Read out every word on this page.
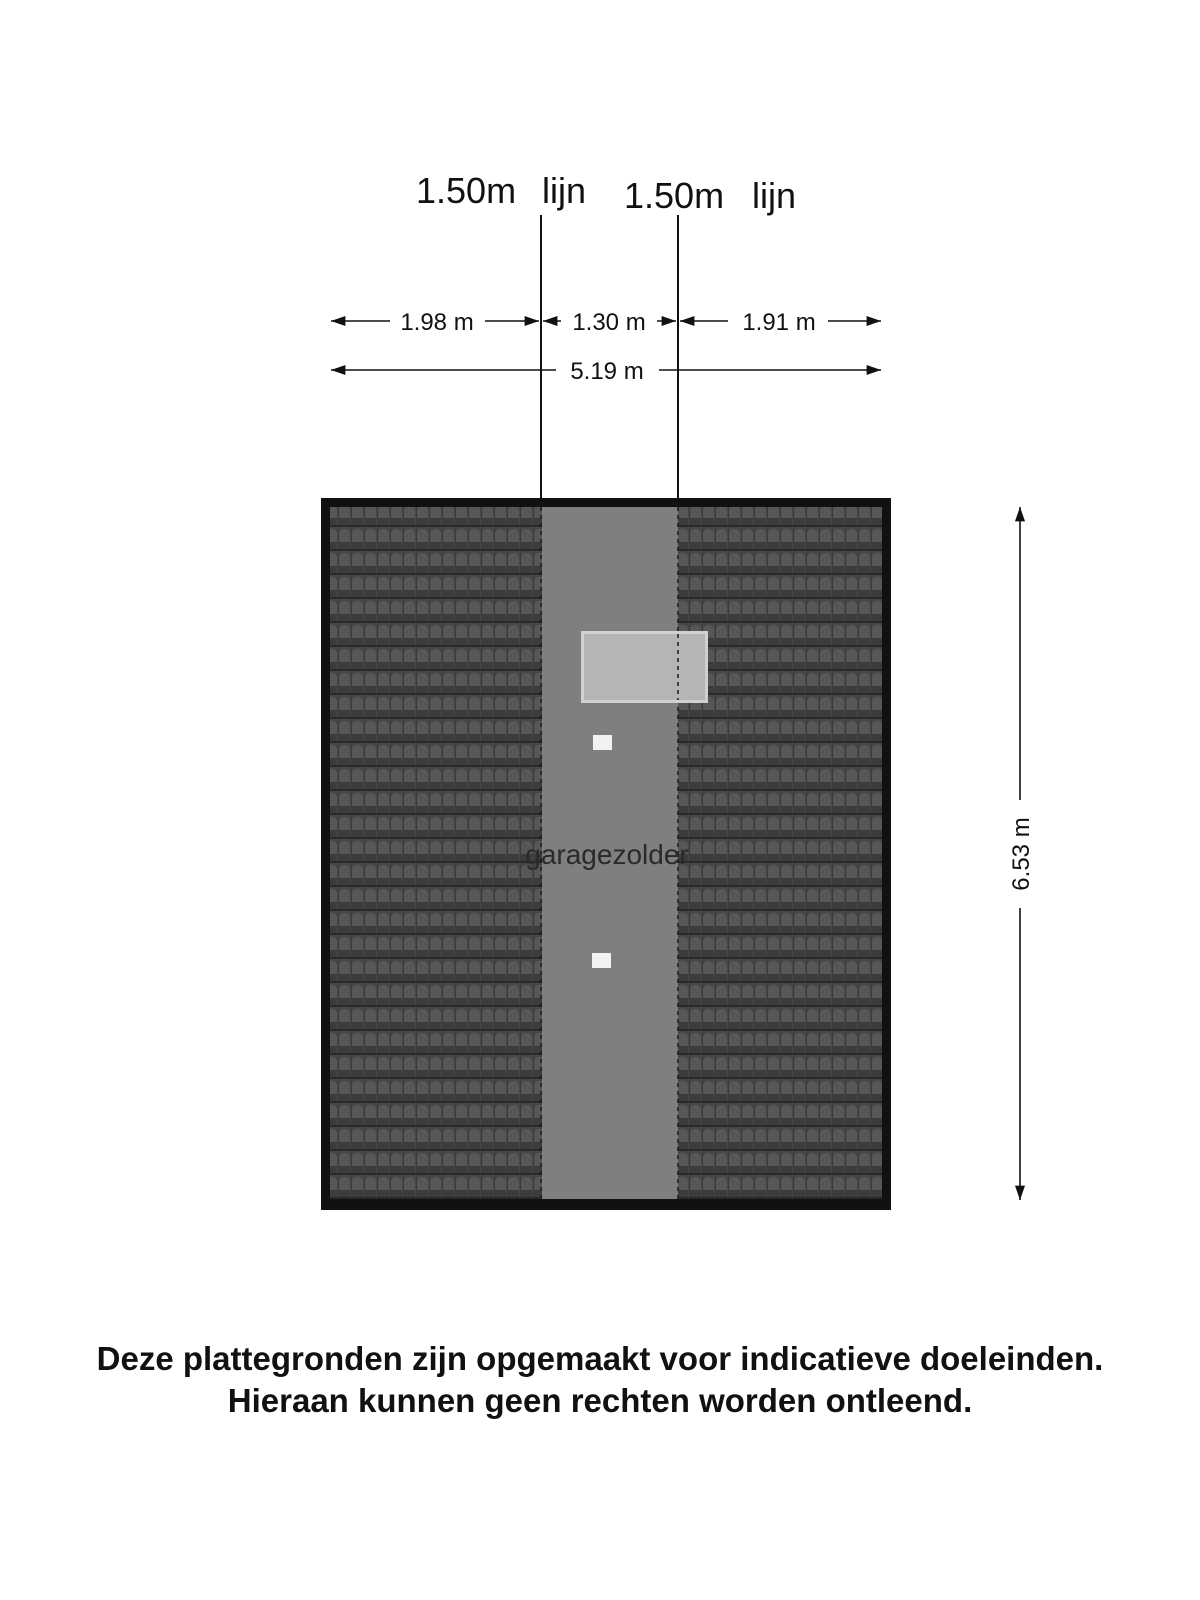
1.50m lijn 1.50m lijn
1.98 m	1.30 m	1.91 m
5.19 m
6.53 m
garagezolder
Deze plattegronden zijn opgemaakt voor indicatieve doeleinden.
Hieraan kunnen geen rechten worden ontleend.
